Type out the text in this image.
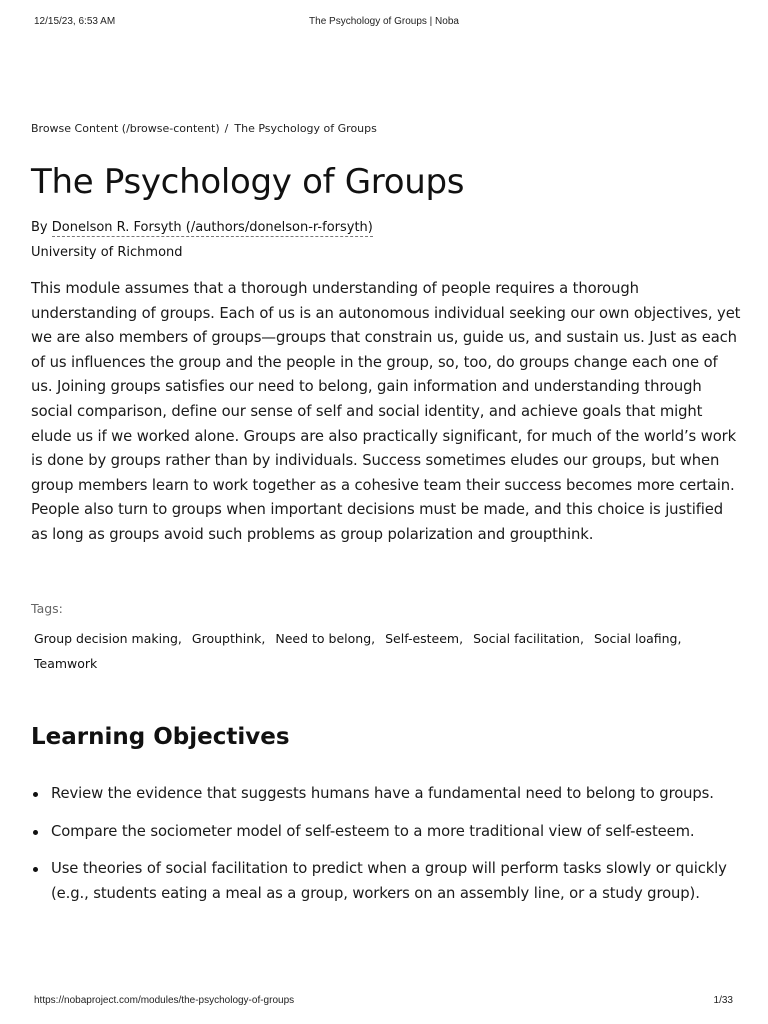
12/15/23, 6:53 AM	The Psychology of Groups | Noba
Browse Content (/browse-content) / The Psychology of Groups
The Psychology of Groups
By Donelson R. Forsyth (/authors/donelson-r-forsyth)
University of Richmond

This module assumes that a thorough understanding of people requires a thorough understanding of groups. Each of us is an autonomous individual seeking our own objectives, yet we are also members of groups—groups that constrain us, guide us, and sustain us. Just as each of us influences the group and the people in the group, so, too, do groups change each one of us. Joining groups satisfies our need to belong, gain information and understanding through social comparison, define our sense of self and social identity, and achieve goals that might elude us if we worked alone. Groups are also practically significant, for much of the world’s work is done by groups rather than by individuals. Success sometimes eludes our groups, but when group members learn to work together as a cohesive team their success becomes more certain. People also turn to groups when important decisions must be made, and this choice is justified as long as groups avoid such problems as group polarization and groupthink.

Tags:
Group decision making, Groupthink, Need to belong, Self-esteem, Social facilitation, Social loafing,
Teamwork
Learning Objectives
Review the evidence that suggests humans have a fundamental need to belong to groups.
Compare the sociometer model of self-esteem to a more traditional view of self-esteem.
Use theories of social facilitation to predict when a group will perform tasks slowly or quickly (e.g., students eating a meal as a group, workers on an assembly line, or a study group).
https://nobaproject.com/modules/the-psychology-of-groups	1/33
